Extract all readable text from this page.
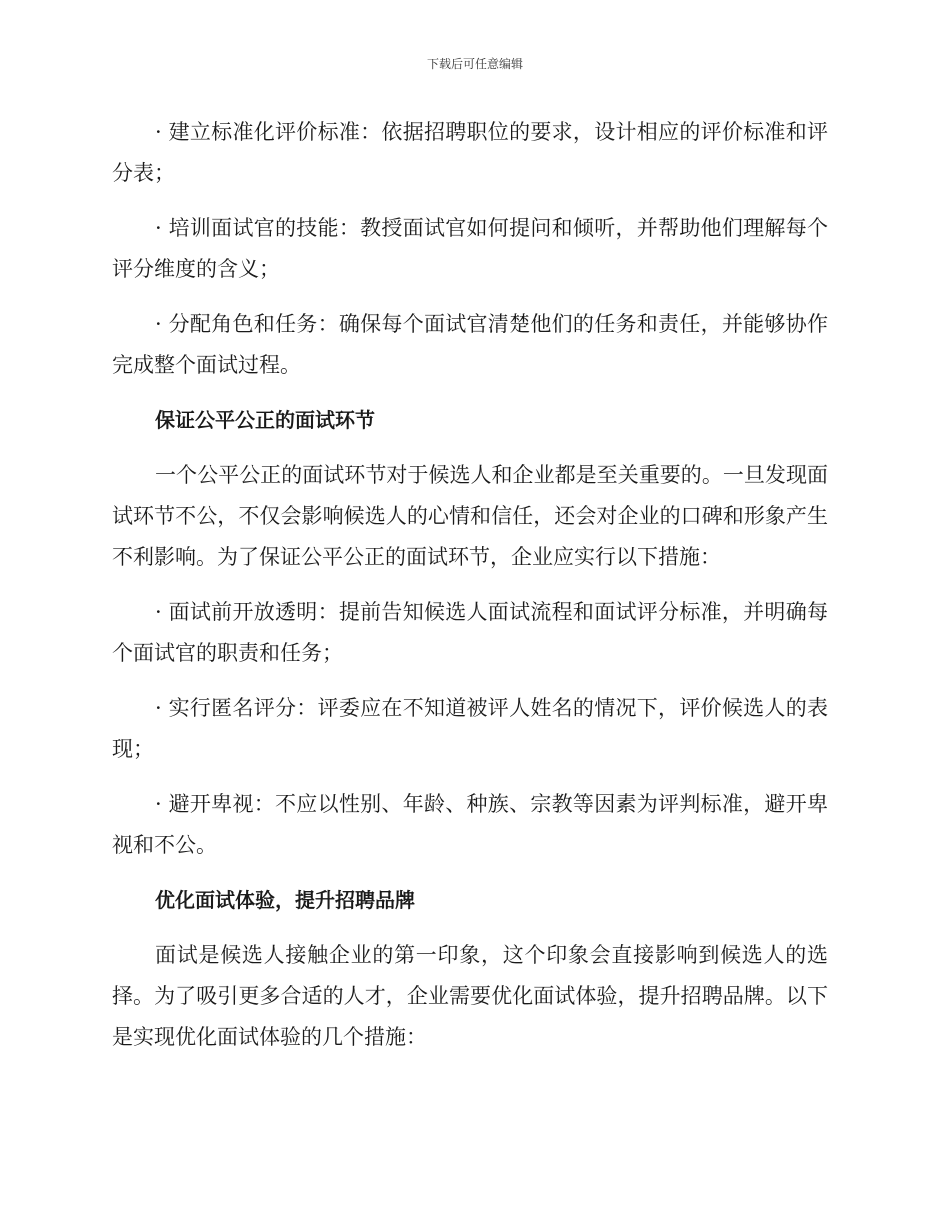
下载后可任意编辑

· 建立标准化评价标准：依据招聘职位的要求，设计相应的评价标准和评分表；

· 培训面试官的技能：教授面试官如何提问和倾听，并帮助他们理解每个评分维度的含义；

· 分配角色和任务：确保每个面试官清楚他们的任务和责任，并能够协作完成整个面试过程。

保证公平公正的面试环节

一个公平公正的面试环节对于候选人和企业都是至关重要的。一旦发现面试环节不公，不仅会影响候选人的心情和信任，还会对企业的口碑和形象产生不利影响。为了保证公平公正的面试环节，企业应实行以下措施：

· 面试前开放透明：提前告知候选人面试流程和面试评分标准，并明确每个面试官的职责和任务；

· 实行匿名评分：评委应在不知道被评人姓名的情况下，评价候选人的表现；

· 避开卑视：不应以性别、年龄、种族、宗教等因素为评判标准，避开卑视和不公。

优化面试体验，提升招聘品牌

面试是候选人接触企业的第一印象，这个印象会直接影响到候选人的选择。为了吸引更多合适的人才，企业需要优化面试体验，提升招聘品牌。以下是实现优化面试体验的几个措施：
